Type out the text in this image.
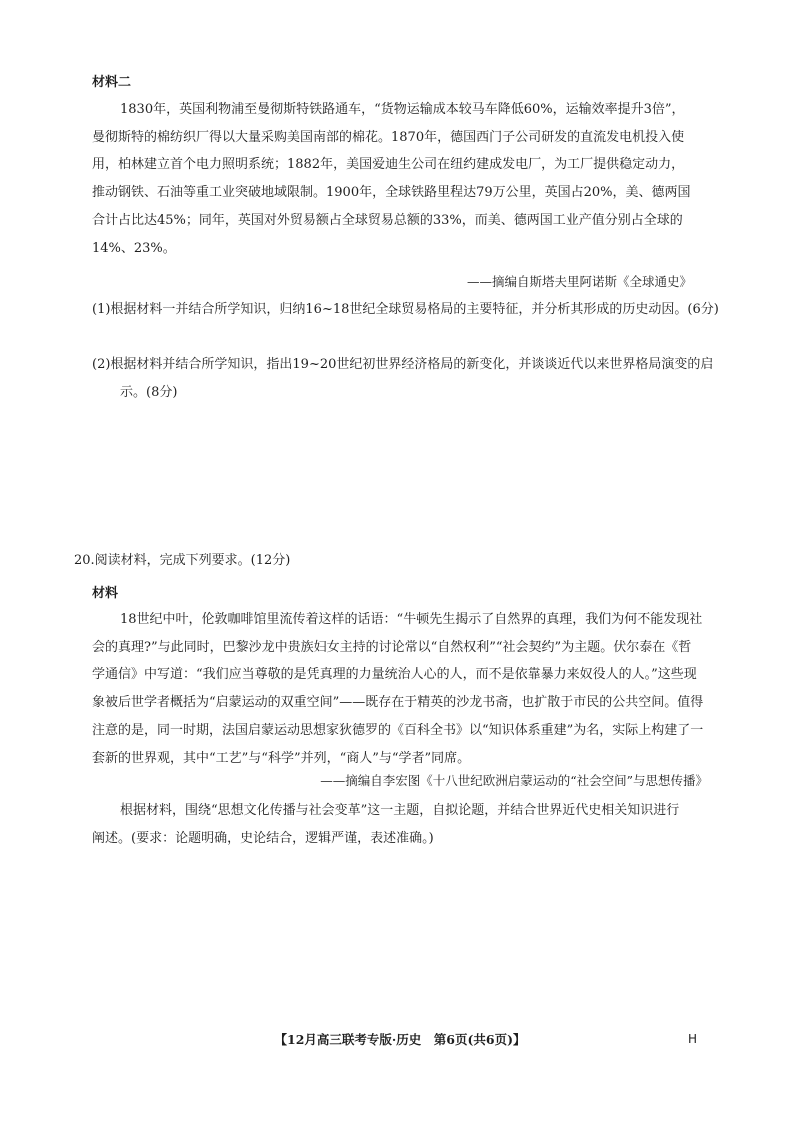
材料二

1830年，英国利物浦至曼彻斯特铁路通车，“货物运输成本较马车降低60%，运输效率提升3倍”，曼彻斯特的棉纺织厂得以大量采购美国南部的棉花。1870年，德国西门子公司研发的直流发电机投入使用，柏林建立首个电力照明系统；1882年，美国爱迪生公司在纽约建成发电厂，为工厂提供稳定动力，推动钢铁、石油等重工业突破地域限制。1900年，全球铁路里程达79万公里，英国占20%，美、德两国合计占比达45%；同年，英国对外贸易额占全球贸易总额的33%，而美、德两国工业产值分别占全球的14%、23%。

——摘编自斯塔夫里阿诺斯《全球通史》

(1)根据材料一并结合所学知识，归纳16~18世纪全球贸易格局的主要特征，并分析其形成的历史动因。(6分)

(2)根据材料并结合所学知识，指出19~20世纪初世界经济格局的新变化，并谈谈近代以来世界格局演变的启示。(8分)

20.阅读材料，完成下列要求。(12分)
材料

18世纪中叶，伦敦咖啡馆里流传着这样的话语：“牛顿先生揭示了自然界的真理，我们为何不能发现社会的真理?”与此同时，巴黎沙龙中贵族妇女主持的讨论常以“自然权利”“社会契约”为主题。伏尔泰在《哲学通信》中写道：“我们应当尊敬的是凭真理的力量统治人心的人，而不是依靠暴力来奴役人的人。”这些现象被后世学者概括为“启蒙运动的双重空间”——既存在于精英的沙龙书斋，也扩散于市民的公共空间。值得注意的是，同一时期，法国启蒙运动思想家狄德罗的《百科全书》以“知识体系重建”为名，实际上构建了一套新的世界观，其中“工艺”与“科学”并列，“商人”与“学者”同席。

——摘编自李宏图《十八世纪欧洲启蒙运动的“社会空间”与思想传播》

根据材料，围绕“思想文化传播与社会变革”这一主题，自拟论题，并结合世界近代史相关知识进行阐述。(要求：论题明确，史论结合，逻辑严谨，表述准确。)

【12月高三联考专版·历史　第6页(共6页)】	H
